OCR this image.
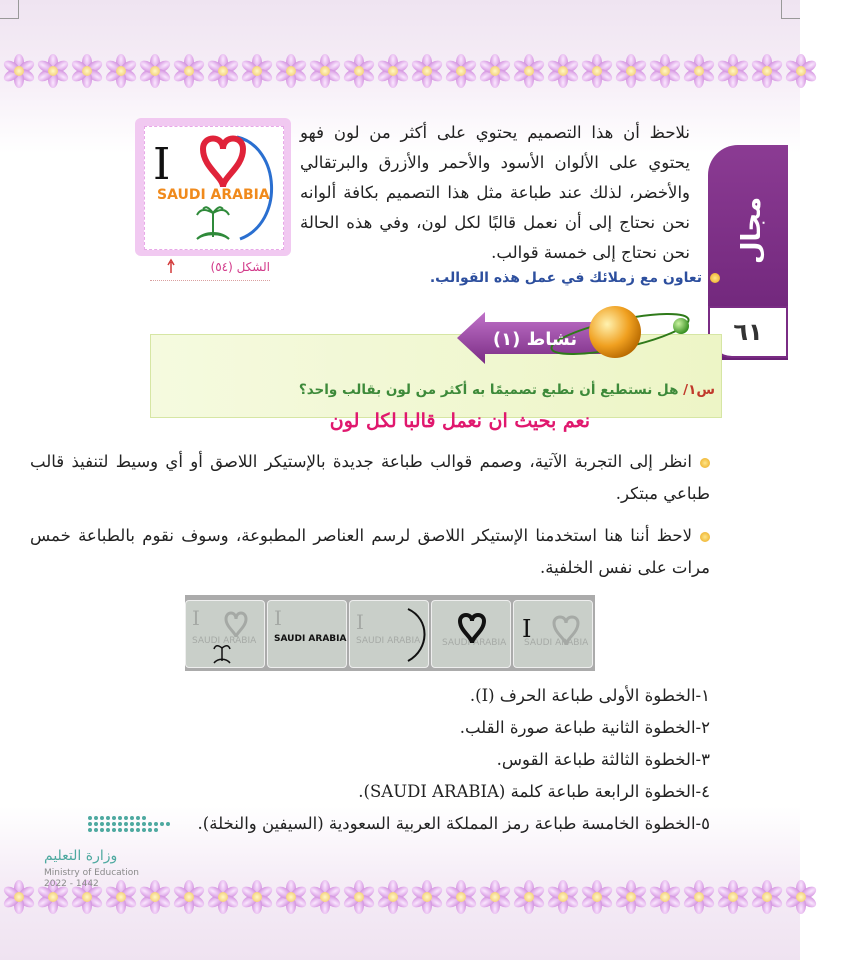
مجال الطباعة
٦١
نلاحظ أن هذا التصميم يحتوي على أكثر من لون فهو يحتوي على الألوان الأسود والأحمر والأزرق والبرتقالي والأخضر، لذلك عند طباعة مثل هذا التصميم بكافة ألوانه نحن نحتاج إلى أن نعمل قالبًا لكل لون، وفي هذه الحالة نحن نحتاج إلى خمسة قوالب.
I
SAUDI ARABIA
الشكل (٥٤)
تعاون مع زملائك في عمل هذه القوالب.
نشاط (١)
س١/ هل نستطيع أن نطبع تصميمًا به أكثر من لون بقالب واحد؟
نعم بحيث ان نعمل قالبا لكل لون
انظر إلى التجربة الآتية، وصمم قوالب طباعة جديدة بالإستيكر اللاصق أو أي وسيط لتنفيذ قالب طباعي مبتكر.
لاحظ أننا هنا استخدمنا الإستيكر اللاصق لرسم العناصر المطبوعة، وسوف نقوم بالطباعة خمس مرات على نفس الخلفية.
SAUDI ARABIA
I
SAUDI ARABIA
I
SAUDI ARABIA
I
SAUDI ARABIA
I
SAUDI ARABIA
١-الخطوة الأولى طباعة الحرف (I).
٢-الخطوة الثانية طباعة صورة القلب.
٣-الخطوة الثالثة طباعة القوس.
٤-الخطوة الرابعة طباعة كلمة (SAUDI ARABIA).
٥-الخطوة الخامسة طباعة رمز المملكة العربية السعودية (السيفين والنخلة).
وزارة التعليم
Ministry of Education
2022 - 1442
